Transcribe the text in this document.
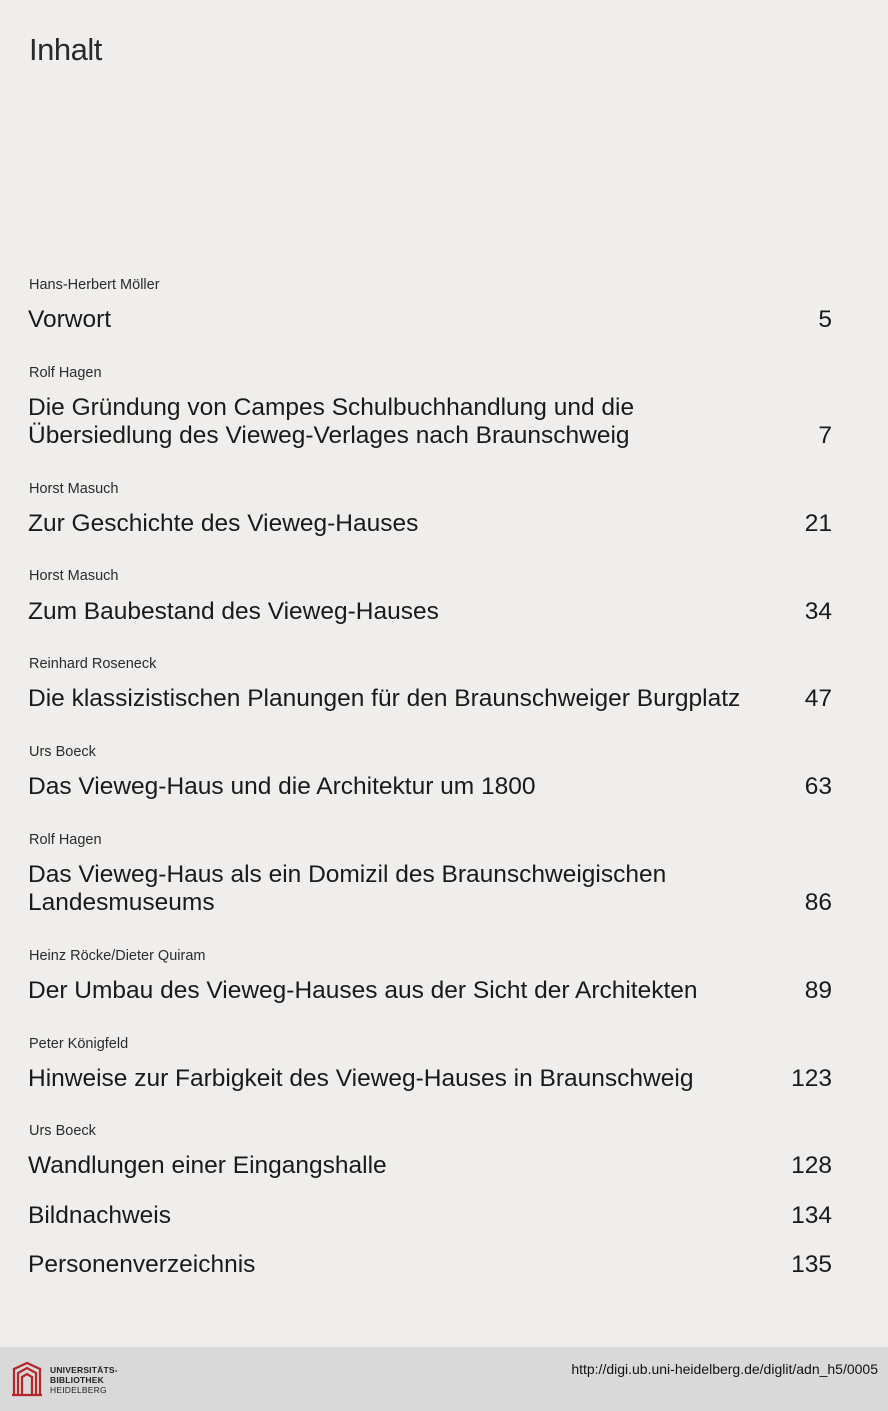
Inhalt
Hans-Herbert Möller
Vorwort	5
Rolf Hagen
Die Gründung von Campes Schulbuchhandlung und die
Übersiedlung des Vieweg-Verlages nach Braunschweig	7
Horst Masuch
Zur Geschichte des Vieweg-Hauses	21
Horst Masuch
Zum Baubestand des Vieweg-Hauses	34
Reinhard Roseneck
Die klassizistischen Planungen für den Braunschweiger Burgplatz	47
Urs Boeck
Das Vieweg-Haus und die Architektur um 1800	63
Rolf Hagen
Das Vieweg-Haus als ein Domizil des Braunschweigischen
Landesmuseums	86
Heinz Röcke/Dieter Quiram
Der Umbau des Vieweg-Hauses aus der Sicht der Architekten	89
Peter Königfeld
Hinweise zur Farbigkeit des Vieweg-Hauses in Braunschweig	123
Urs Boeck
Wandlungen einer Eingangshalle	128
Bildnachweis	134
Personenverzeichnis	135
UNIVERSITÄTS-
BIBLIOTHEK
HEIDELBERG
http://digi.ub.uni-heidelberg.de/diglit/adn_h5/0005
